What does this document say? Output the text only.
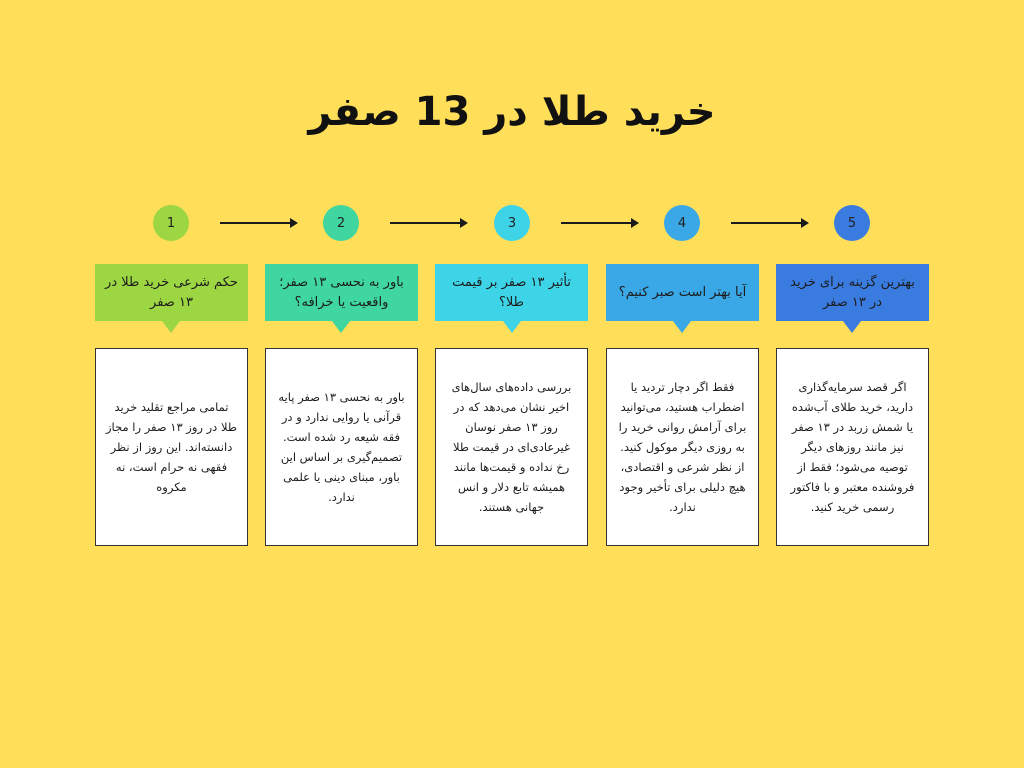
خرید طلا در 13 صفر
1
حکم شرعی خرید طلا در ۱۳ صفر
تمامی مراجع تقلید خرید طلا در روز ۱۳ صفر را مجاز دانسته‌اند. این روز از نظر فقهی نه حرام است، نه مکروه
2
باور به نحسی ۱۳ صفر؛ واقعیت یا خرافه؟
باور به نحسی ۱۳ صفر پایه قرآنی یا روایی ندارد و در فقه شیعه رد شده است. تصمیم‌گیری بر اساس این باور، مبنای دینی یا علمی ندارد.
3
تأثیر ۱۳ صفر بر قیمت طلا؟
بررسی داده‌های سال‌های اخیر نشان می‌دهد که در روز ۱۳ صفر نوسان غیرعادی‌ای در قیمت طلا رخ نداده و قیمت‌ها مانند همیشه تابع دلار و انس جهانی هستند.
4
آیا بهتر است صبر کنیم؟
فقط اگر دچار تردید یا اضطراب هستید، می‌توانید برای آرامش روانی خرید را به روزی دیگر موکول کنید. از نظر شرعی و اقتصادی، هیچ دلیلی برای تأخیر وجود ندارد.
5
بهترین گزینه برای خرید در ۱۳ صفر
اگر قصد سرمایه‌گذاری دارید، خرید طلای آب‌شده یا شمش زربد در ۱۳ صفر نیز مانند روزهای دیگر توصیه می‌شود؛ فقط از فروشنده معتبر و با فاکتور رسمی خرید کنید.
